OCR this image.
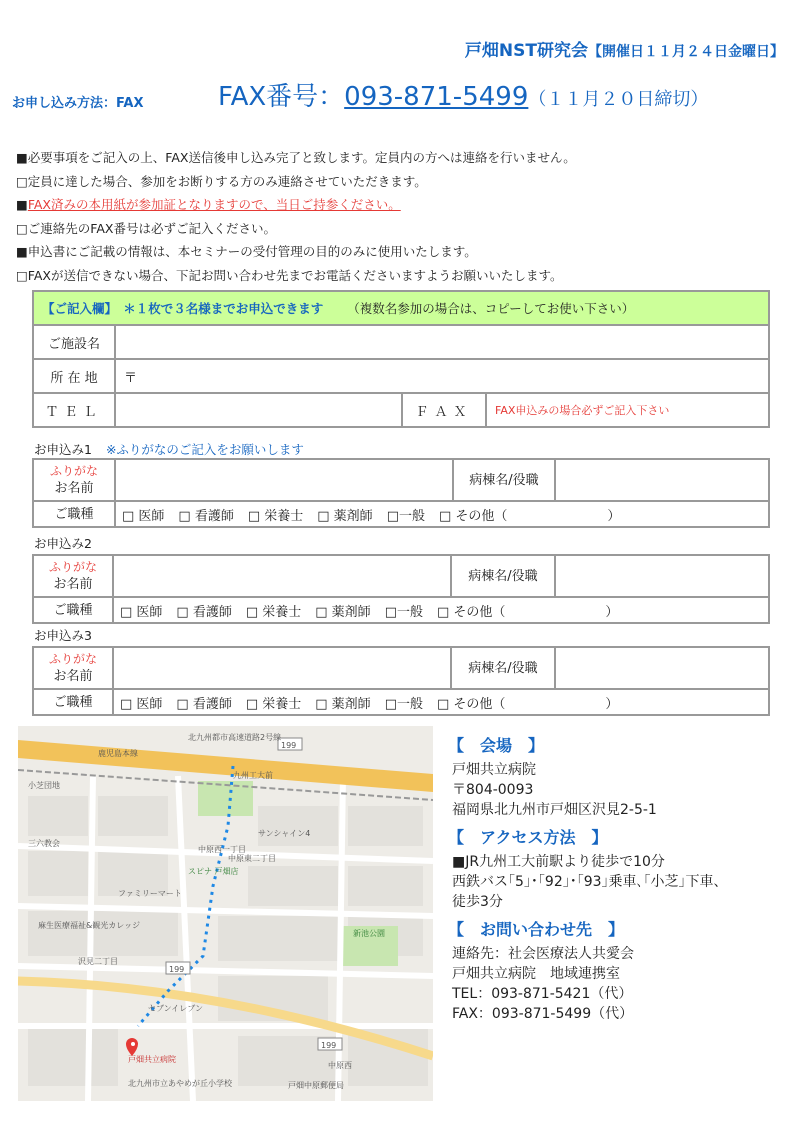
戸畑NST研究会【開催日１１月２４日金曜日】
お申し込み方法：FAX	FAX番号：093-871-5499（１１月２０日締切）
■必要事項をご記入の上、FAX送信後申し込み完了と致します。定員内の方へは連絡を行いません。
□定員に達した場合、参加をお断りする方のみ連絡させていただきます。
■FAX済みの本用紙が参加証となりますので、当日ご持参ください。
□ご連絡先のFAX番号は必ずご記入ください。
■申込書にご記載の情報は、本セミナーの受付管理の目的のみに使用いたします。
□FAXが送信できない場合、下記お問い合わせ先までお電話くださいますようお願いいたします。
【ご記入欄】　＊１枚で３名様までお申込できます （複数名参加の場合は、コピーしてお使い下さい）			
ご施設名			
所 在 地	〒		
ＴＥＬ		ＦＡＸ	FAX申込みの場合必ずご記入下さい
お申込み1 ※ふりがなのご記入をお願いします
ふりがな
お名前		病棟名/役職	
ご職種	□ 医師 □ 看護師 □ 栄養士 □ 薬剤師 □一般 □ その他（ ）		
お申込み2
ふりがな
お名前		病棟名/役職	
ご職種	□ 医師 □ 看護師 □ 栄養士 □ 薬剤師 □一般 □ その他（ ）		
お申込み3
ふりがな
お名前		病棟名/役職	
ご職種	□ 医師 □ 看護師 □ 栄養士 □ 薬剤師 □一般 □ その他（ ）		
北九州都市高速道路2号線
鹿児島本線
九州工大前
中原東二丁目
小芝団地
中原西一丁目
三六教会
スピナ 戸畑店
麻生医療福祉&観光カレッジ
新池公園
沢見二丁目
戸畑共立病院
中原西
戸畑中原郵便局
北九州市立あやめが丘小学校
サンシャイン4
ファミリーマート
セブンイレブン
199
199
199
【　会場　】
戸畑共立病院
〒804-0093
福岡県北九州市戸畑区沢見2-5-1
【　アクセス方法　】
■JR九州工大前駅より徒歩で10分
西鉄バス｢5｣･｢92｣･｢93｣乗車､｢小芝｣下車、
徒歩3分
【　お問い合わせ先　】
連絡先：社会医療法人共愛会
戸畑共立病院　地域連携室
TEL：093-871-5421（代）
FAX：093-871-5499（代）
